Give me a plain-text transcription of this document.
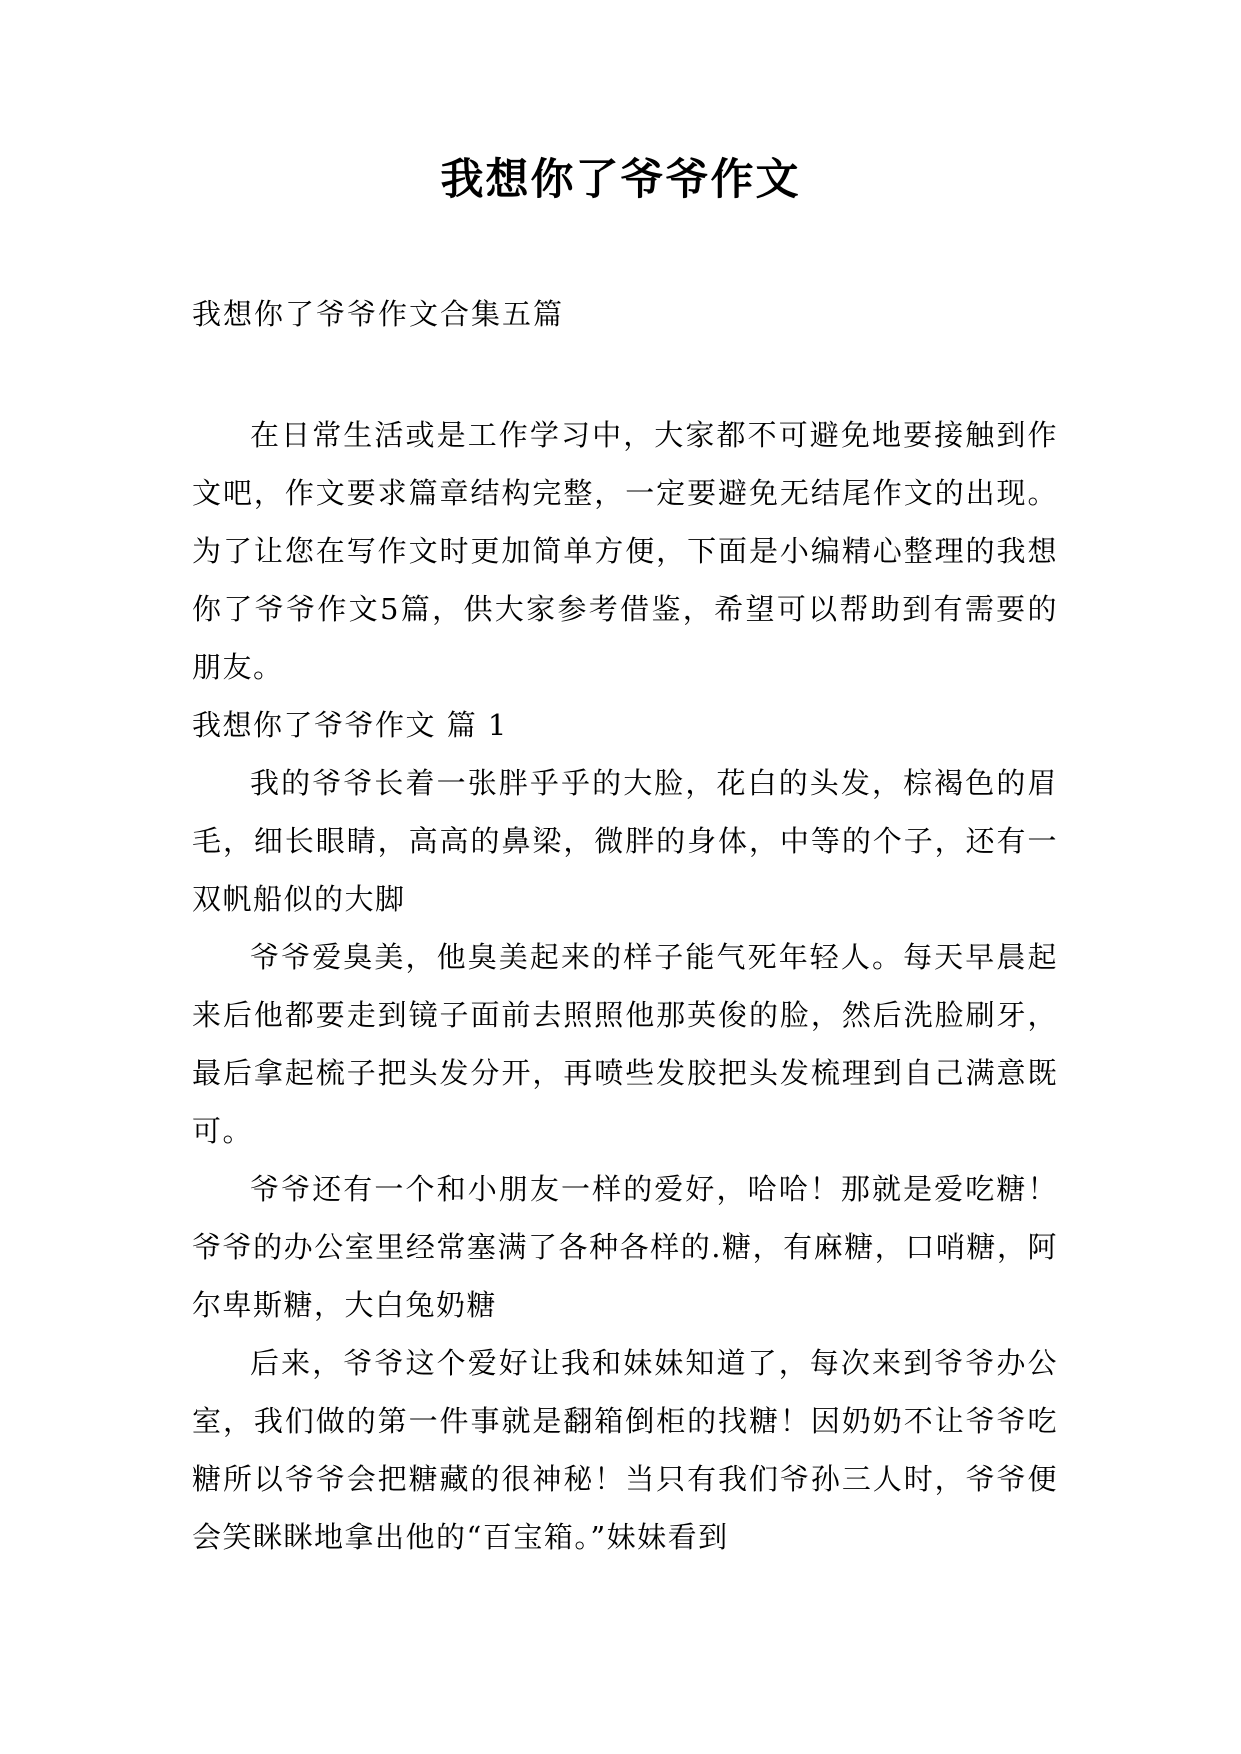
我想你了爷爷作文
我想你了爷爷作文合集五篇

在日常生活或是工作学习中，大家都不可避免地要接触到作文吧，作文要求篇章结构完整，一定要避免无结尾作文的出现。为了让您在写作文时更加简单方便，下面是小编精心整理的我想你了爷爷作文5篇，供大家参考借鉴，希望可以帮助到有需要的朋友。

我想你了爷爷作文 篇 1

我的爷爷长着一张胖乎乎的大脸，花白的头发，棕褐色的眉毛，细长眼睛，高高的鼻梁，微胖的身体，中等的个子，还有一双帆船似的大脚

爷爷爱臭美，他臭美起来的样子能气死年轻人。每天早晨起来后他都要走到镜子面前去照照他那英俊的脸，然后洗脸刷牙，最后拿起梳子把头发分开，再喷些发胶把头发梳理到自己满意既可。

爷爷还有一个和小朋友一样的爱好，哈哈！那就是爱吃糖！爷爷的办公室里经常塞满了各种各样的.糖，有麻糖，口哨糖，阿尔卑斯糖，大白兔奶糖

后来，爷爷这个爱好让我和妹妹知道了，每次来到爷爷办公室，我们做的第一件事就是翻箱倒柜的找糖！因奶奶不让爷爷吃糖所以爷爷会把糖藏的很神秘！当只有我们爷孙三人时，爷爷便会笑眯眯地拿出他的“百宝箱。”妹妹看到
